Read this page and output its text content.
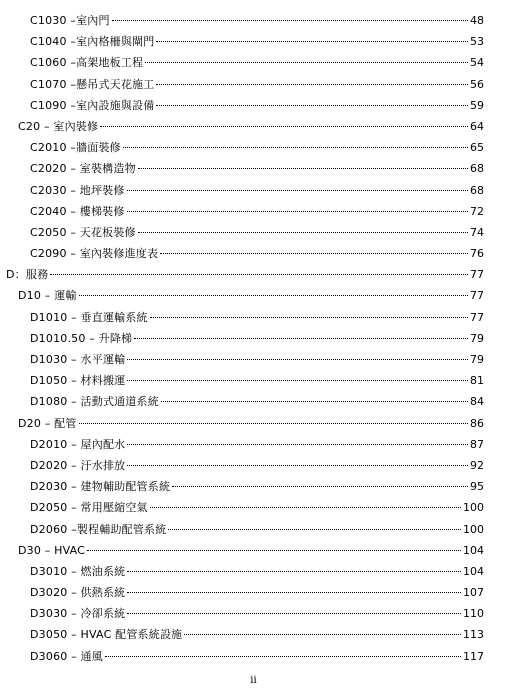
C1030 –室內門	48
C1040 –室內格柵與閘門	53
C1060 –高架地板工程	54
C1070 –懸吊式天花施工	56
C1090 –室內設施與設備	59
C20 – 室內裝修	64
C2010 –牆面裝修	65
C2020 – 室裝構造物	68
C2030 – 地坪裝修	68
C2040 – 樓梯裝修	72
C2050 – 天花板裝修	74
C2090 – 室內裝修進度表	76
D：服務	77
D10 – 運輸	77
D1010 – 垂直運輸系統	77
D1010.50 – 升降梯	79
D1030 – 水平運輸	79
D1050 – 材料搬運	81
D1080 – 活動式通道系統	84
D20 – 配管	86
D2010 – 屋內配水	87
D2020 – 汙水排放	92
D2030 – 建物輔助配管系統	95
D2050 – 常用壓縮空氣	100
D2060 –製程輔助配管系統	100
D30 – HVAC	104
D3010 – 燃油系統	104
D3020 – 供熱系統	107
D3030 – 冷卻系統	110
D3050 – HVAC 配管系統設施	113
D3060 – 通風	117
ii
